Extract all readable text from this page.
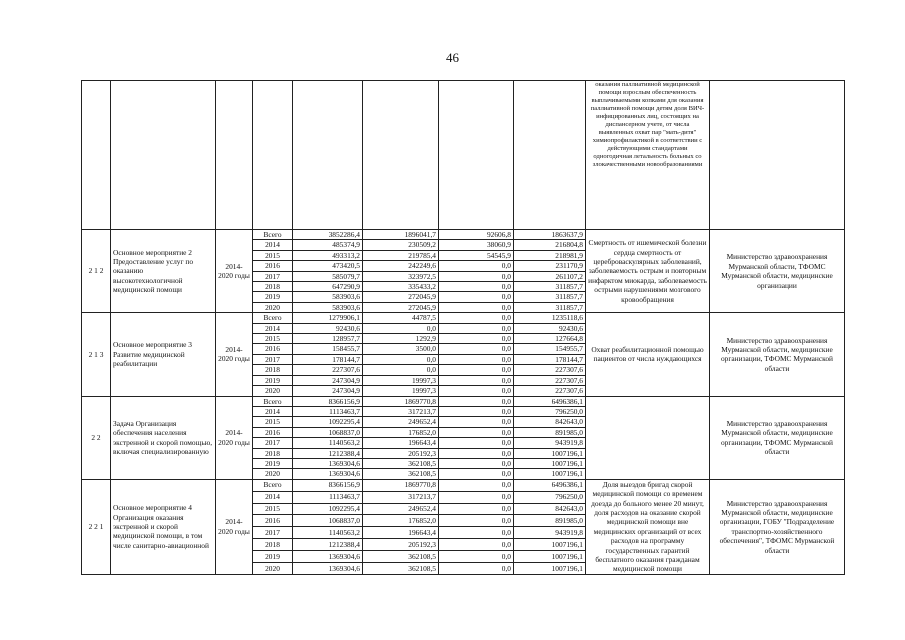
46

								оказания паллиативной медицинской помощи взрослым обеспеченность выплачиваемыми копками для оказания паллиативной помощи детям доля ВИЧ-инфицированных лиц, состоящих на диспансерном учете, от числа выявленных охват пар "мать-дитя" химиопрофилактикой в соответствии с действующими стандартами одногодичная летальность больных со злокачественными новообразованиями	

2 1 2	Основное мероприятие 2 Предоставление услуг по оказанию высокотехнологичной медицинской помощи	2014- 2020 годы	Всего	3852286,4	1896041,7	92606,8	1863637,9	Смертность от ишемической болезни сердца смертность от цереброваскулярных заболеваний, заболеваемость острым и повторным инфарктом миокарда, заболеваемость острыми нарушениями мозгового кровообращения	Министерство здравоохранения Мурманской области, ТФОМС Мурманской области, медицинские организации
			2014	485374,9	230509,2	38060,9	216804,8		
			2015	493313,2	219785,4	54545,9	218981,9		
			2016	473420,5	242249,6	0,0	231170,9		
			2017	585079,7	323972,5	0,0	261107,2		
			2018	647290,9	335433,2	0,0	311857,7		
			2019	583903,6	272045,9	0,0	311857,7		
			2020	583903,6	272045,9	0,0	311857,7		
2 1 3	Основное мероприятие 3 Развитие медицинской реабилитации	2014- 2020 годы	Всего	1279906,1	44787,5	0,0	1235118,6	Охват реабилитационной помощью пациентов от числа нуждающихся	Министерство здравоохранения Мурманской области, медицинские организации, ТФОМС Мурманской области
			2014	92430,6	0,0	0,0	92430,6		
			2015	128957,7	1292,9	0,0	127664,8		
			2016	158455,7	3500,0	0,0	154955,7		
			2017	178144,7	0,0	0,0	178144,7		
			2018	227307,6	0,0	0,0	227307,6		
			2019	247304,9	19997,3	0,0	227307,6		
			2020	247304,9	19997,3	0,0	227307,6		
2 2	Задача Организация обеспечения населения экстренной и скорой помощью, включая специализированную	2014- 2020 годы	Всего	8366156,9	1869770,8	0,0	6496386,1		Министерство здравоохранения Мурманской области, медицинские организации, ТФОМС Мурманской области
			2014	1113463,7	317213,7	0,0	796250,0		
			2015	1092295,4	249652,4	0,0	842643,0		
			2016	1068837,0	176852,0	0,0	891985,0		
			2017	1140563,2	196643,4	0,0	943919,8		
			2018	1212388,4	205192,3	0,0	1007196,1		
			2019	1369304,6	362108,5	0,0	1007196,1		
			2020	1369304,6	362108,5	0,0	1007196,1		
2 2 1	Основное мероприятие 4 Организация оказания экстренной и скорой медицинской помощи, в том числе санитарно-авиационной	2014- 2020 годы	Всего	8366156,9	1869770,8	0,0	6496386,1	Доля выездов бригад скорой медицинской помощи со временем доезда до больного менее 20 минут, доля расходов на оказание скорой медицинской помощи вне медицинских организаций от всех расходов на программу государственных гарантий бесплатного оказания гражданам медицинской помощи	Министерство здравоохранения Мурманской области, медицинские организации, ГОБУ "Подразделение транспортно-хозяйственного обеспечения", ТФОМС Мурманской области
			2014	1113463,7	317213,7	0,0	796250,0		
			2015	1092295,4	249652,4	0,0	842643,0		
			2016	1068837,0	176852,0	0,0	891985,0		
			2017	1140563,2	196643,4	0,0	943919,8		
			2018	1212388,4	205192,3	0,0	1007196,1		
			2019	1369304,6	362108,5	0,0	1007196,1		
			2020	1369304,6	362108,5	0,0	1007196,1		
